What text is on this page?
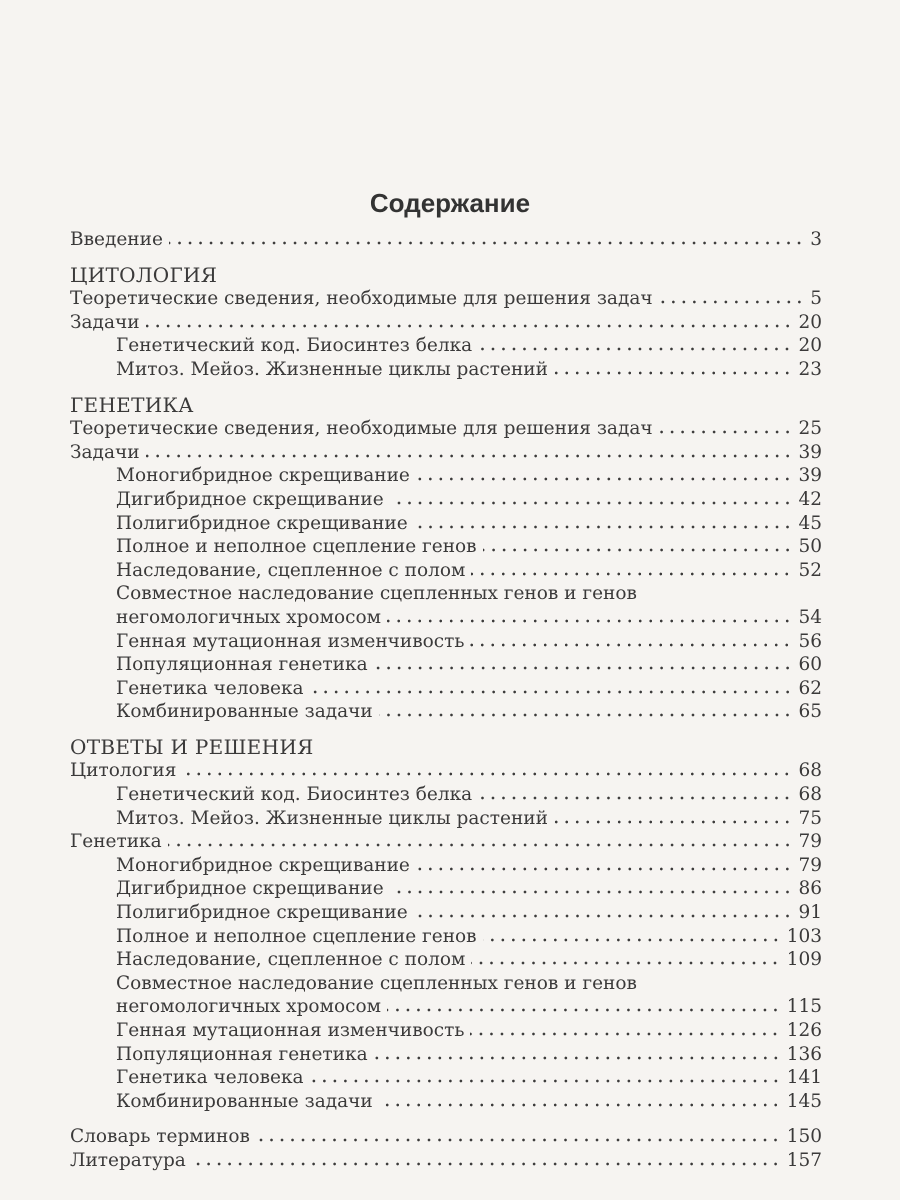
Содержание
Введение	3
ЦИТОЛОГИЯ
Теоретические сведения, необходимые для решения задач	5
Задачи	20
Генетический код. Биосинтез белка	20
Митоз. Мейоз. Жизненные циклы растений	23
ГЕНЕТИКА
Теоретические сведения, необходимые для решения задач	25
Задачи	39
Моногибридное скрещивание	39
Дигибридное скрещивание	42
Полигибридное скрещивание	45
Полное и неполное сцепление генов	50
Наследование, сцепленное с полом	52
Совместное наследование сцепленных генов и генов
негомологичных хромосом	54
Генная мутационная изменчивость	56
Популяционная генетика	60
Генетика человека	62
Комбинированные задачи	65
ОТВЕТЫ И РЕШЕНИЯ
Цитология	68
Генетический код. Биосинтез белка	68
Митоз. Мейоз. Жизненные циклы растений	75
Генетика	79
Моногибридное скрещивание	79
Дигибридное скрещивание	86
Полигибридное скрещивание	91
Полное и неполное сцепление генов	103
Наследование, сцепленное с полом	109
Совместное наследование сцепленных генов и генов
негомологичных хромосом	115
Генная мутационная изменчивость	126
Популяционная генетика	136
Генетика человека	141
Комбинированные задачи	145
Словарь терминов	150
Литература	157
